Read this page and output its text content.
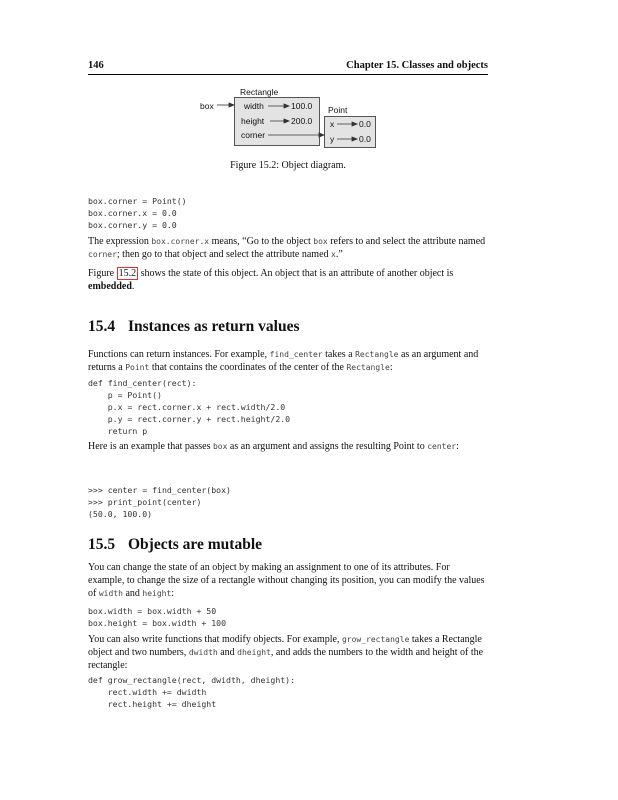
146	Chapter 15. Classes and objects
Rectangle
box	width	100.0
height	200.0
corner
Point
x	0.0
y	0.0
Figure 15.2: Object diagram.
box.corner = Point()
box.corner.x = 0.0
box.corner.y = 0.0
The expression box.corner.x means, “Go to the object box refers to and select the attribute named corner; then go to that object and select the attribute named x.”
Figure 15.2 shows the state of this object. An object that is an attribute of another object is embedded.
15.4 Instances as return values
Functions can return instances. For example, find_center takes a Rectangle as an argument and returns a Point that contains the coordinates of the center of the Rectangle:
def find_center(rect):
p = Point()
p.x = rect.corner.x + rect.width/2.0
p.y = rect.corner.y + rect.height/2.0
return p
Here is an example that passes box as an argument and assigns the resulting Point to center:
>>> center = find_center(box)
>>> print_point(center)
(50.0, 100.0)
15.5 Objects are mutable
You can change the state of an object by making an assignment to one of its attributes. For example, to change the size of a rectangle without changing its position, you can modify the values of width and height:
box.width = box.width + 50
box.height = box.width + 100
You can also write functions that modify objects. For example, grow_rectangle takes a Rectangle object and two numbers, dwidth and dheight, and adds the numbers to the width and height of the rectangle:
def grow_rectangle(rect, dwidth, dheight):
rect.width += dwidth
rect.height += dheight
